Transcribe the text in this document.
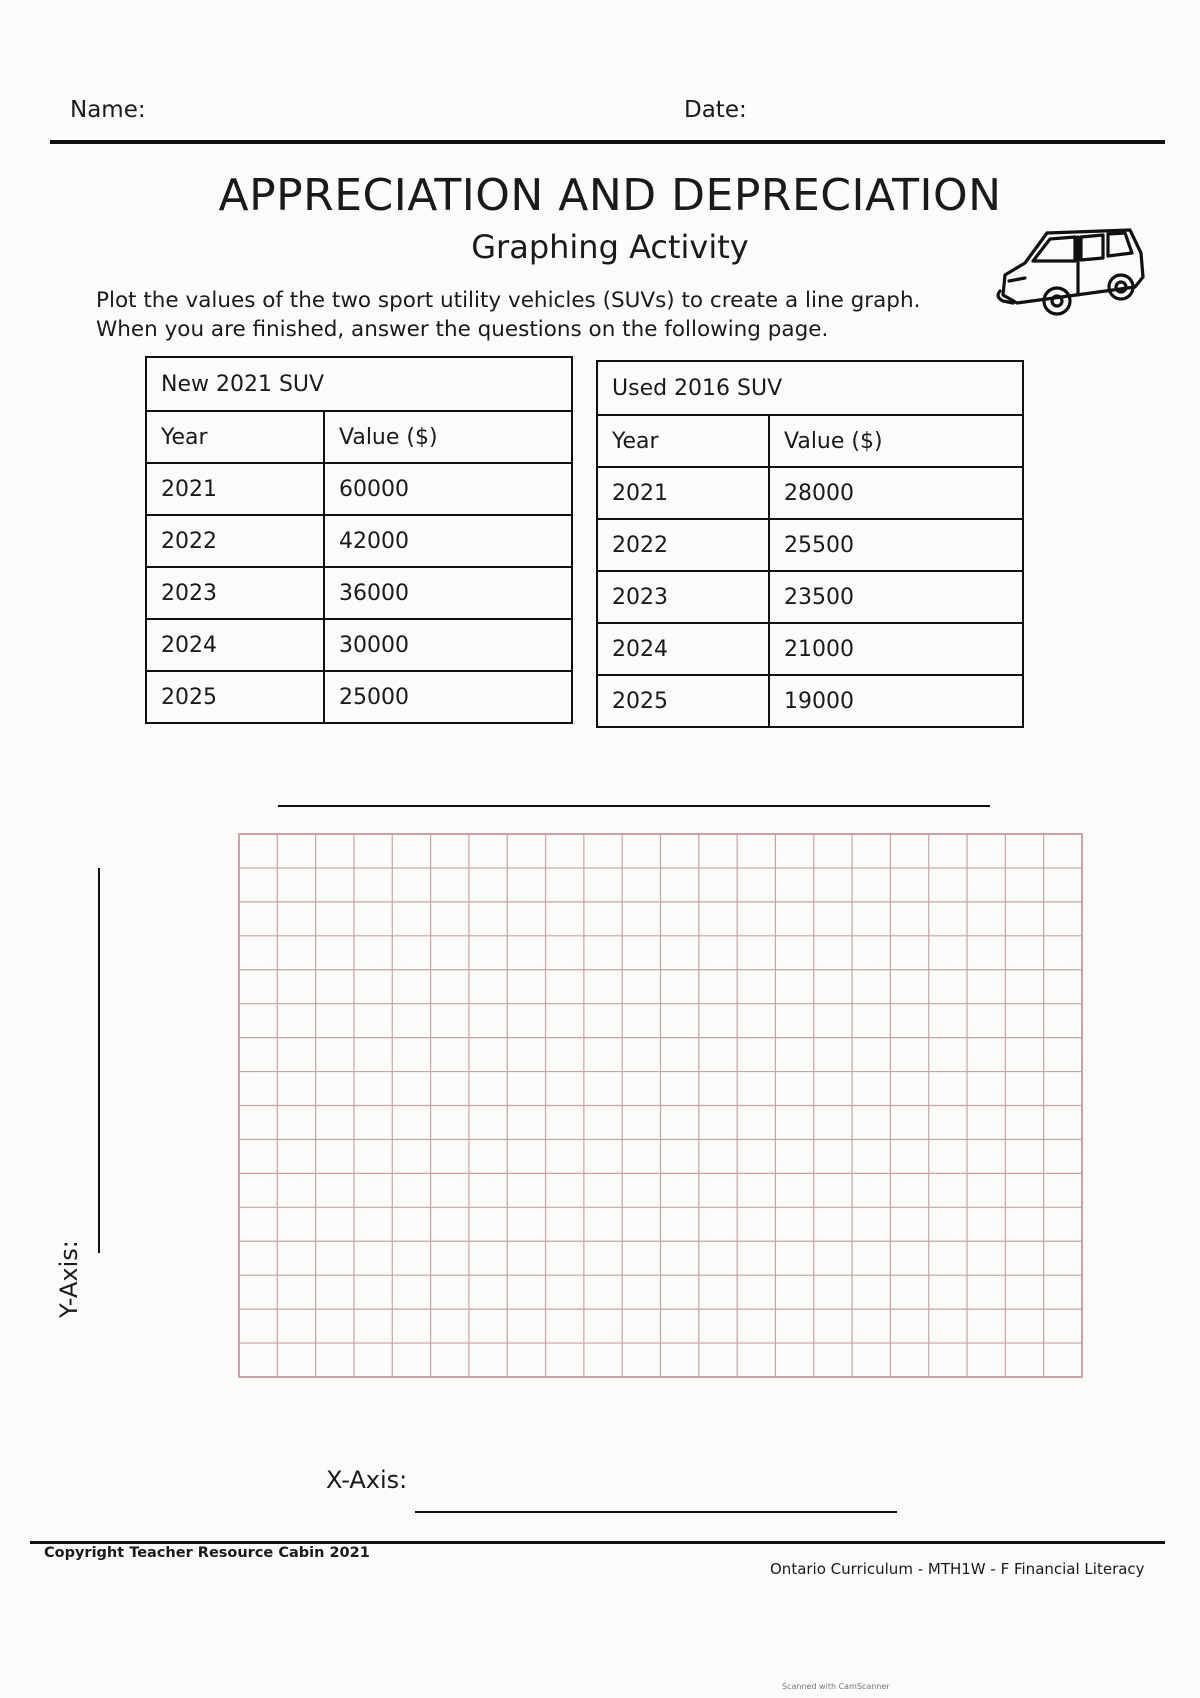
Name:	Date:
APPRECIATION AND DEPRECIATION
Graphing Activity
Plot the values of the two sport utility vehicles (SUVs) to create a line graph.
When you are finished, answer the questions on the following page.
New 2021 SUV	
Year	Value ($)
2021	60000
2022	42000
2023	36000
2024	30000
2025	25000
Used 2016 SUV	
Year	Value ($)
2021	28000
2022	25500
2023	23500
2024	21000
2025	19000
Y-Axis:
X-Axis:
Copyright Teacher Resource Cabin 2021
Ontario Curriculum - MTH1W - F Financial Literacy
Scanned with CamScanner
